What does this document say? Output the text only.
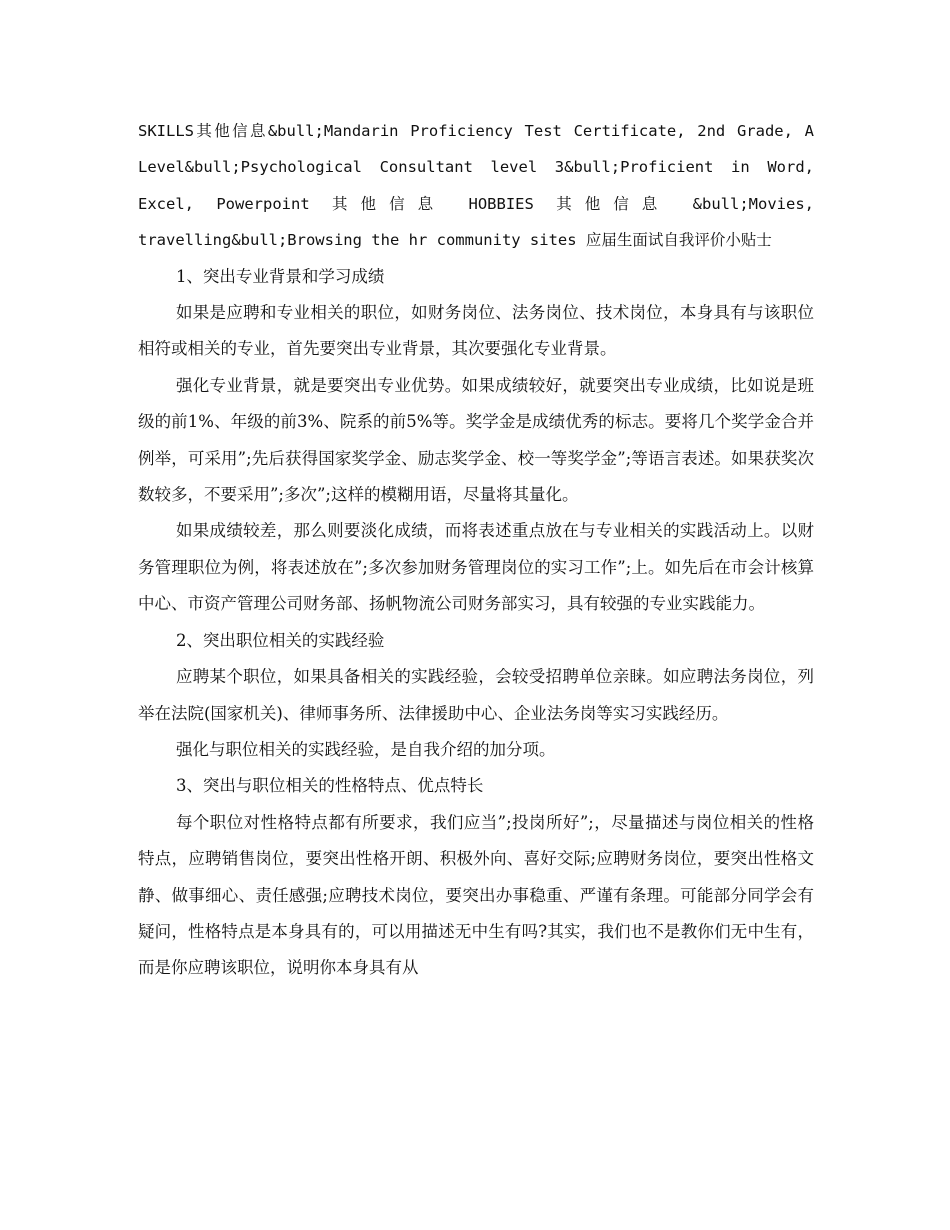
SKILLS其他信息&bull;Mandarin Proficiency Test Certificate, 2nd Grade, A Level&bull;Psychological Consultant level 3&bull;Proficient in Word, Excel, Powerpoint 其他信息 HOBBIES 其他信息 &bull;Movies, travelling&bull;Browsing the hr community sites 应届生面试自我评价小贴士

1、突出专业背景和学习成绩

如果是应聘和专业相关的职位，如财务岗位、法务岗位、技术岗位，本身具有与该职位相符或相关的专业，首先要突出专业背景，其次要强化专业背景。

强化专业背景，就是要突出专业优势。如果成绩较好，就要突出专业成绩，比如说是班级的前1%、年级的前3%、院系的前5%等。奖学金是成绩优秀的标志。要将几个奖学金合并例举，可采用”;先后获得国家奖学金、励志奖学金、校一等奖学金”;等语言表述。如果获奖次数较多，不要采用”;多次”;这样的模糊用语，尽量将其量化。

如果成绩较差，那么则要淡化成绩，而将表述重点放在与专业相关的实践活动上。以财务管理职位为例，将表述放在”;多次参加财务管理岗位的实习工作”;上。如先后在市会计核算中心、市资产管理公司财务部、扬帆物流公司财务部实习，具有较强的专业实践能力。

2、突出职位相关的实践经验

应聘某个职位，如果具备相关的实践经验，会较受招聘单位亲睐。如应聘法务岗位，列举在法院(国家机关)、律师事务所、法律援助中心、企业法务岗等实习实践经历。

强化与职位相关的实践经验，是自我介绍的加分项。

3、突出与职位相关的性格特点、优点特长

每个职位对性格特点都有所要求，我们应当”;投岗所好”;，尽量描述与岗位相关的性格特点，应聘销售岗位，要突出性格开朗、积极外向、喜好交际;应聘财务岗位，要突出性格文静、做事细心、责任感强;应聘技术岗位，要突出办事稳重、严谨有条理。可能部分同学会有疑问，性格特点是本身具有的，可以用描述无中生有吗?其实，我们也不是教你们无中生有，而是你应聘该职位，说明你本身具有从
